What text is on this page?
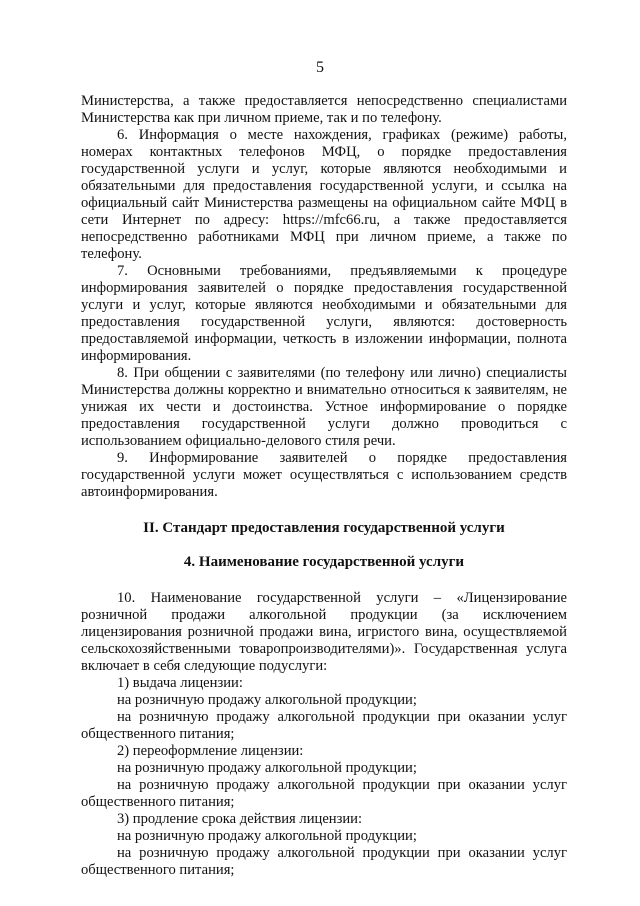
5

Министерства, а также предоставляется непосредственно специалистами Министерства как при личном приеме, так и по телефону.

6. Информация о месте нахождения, графиках (режиме) работы, номерах контактных телефонов МФЦ, о порядке предоставления государственной услуги и услуг, которые являются необходимыми и обязательными для предоставления государственной услуги, и ссылка на официальный сайт Министерства размещены на официальном сайте МФЦ в сети Интернет по адресу: https://mfc66.ru, а также предоставляется непосредственно работниками МФЦ при личном приеме, а также по телефону.

7. Основными требованиями, предъявляемыми к процедуре информирования заявителей о порядке предоставления государственной услуги и услуг, которые являются необходимыми и обязательными для предоставления государственной услуги, являются: достоверность предоставляемой информации, четкость в изложении информации, полнота информирования.

8. При общении с заявителями (по телефону или лично) специалисты Министерства должны корректно и внимательно относиться к заявителям, не унижая их чести и достоинства. Устное информирование о порядке предоставления государственной услуги должно проводиться с использованием официально-делового стиля речи.

9. Информирование заявителей о порядке предоставления государственной услуги может осуществляться с использованием средств автоинформирования.

II. Стандарт предоставления государственной услуги

4. Наименование государственной услуги

10. Наименование государственной услуги – «Лицензирование розничной продажи алкогольной продукции (за исключением лицензирования розничной продажи вина, игристого вина, осуществляемой сельскохозяйственными товаропроизводителями)». Государственная услуга включает в себя следующие подуслуги:

1) выдача лицензии:

на розничную продажу алкогольной продукции;

на розничную продажу алкогольной продукции при оказании услуг общественного питания;

2) переоформление лицензии:

на розничную продажу алкогольной продукции;

на розничную продажу алкогольной продукции при оказании услуг общественного питания;

3) продление срока действия лицензии:

на розничную продажу алкогольной продукции;

на розничную продажу алкогольной продукции при оказании услуг общественного питания;
